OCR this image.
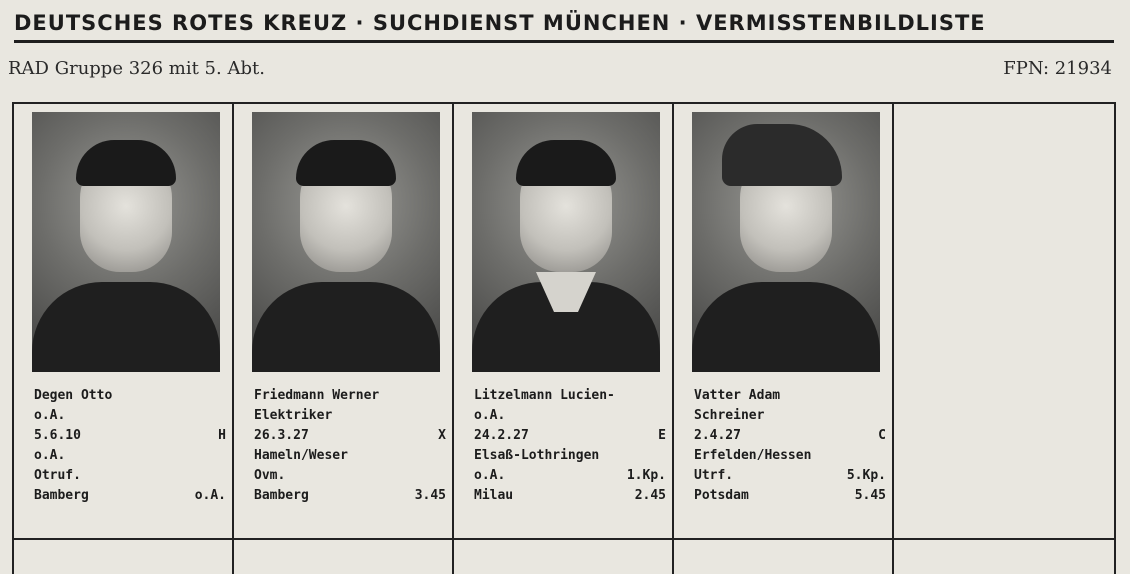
DEUTSCHES ROTES KREUZ · SUCHDIENST MÜNCHEN · VERMISSTENBILDLISTE
RAD Gruppe 326 mit 5. Abt.	FPN: 21934
Degen Otto
o.A.
5.6.10	H
o.A.
Otruf.
Bamberg	o.A.
Friedmann Werner
Elektriker
26.3.27	X
Hameln/Weser
Ovm.
Bamberg	3.45
Litzelmann Lucien-
o.A.
24.2.27	E
Elsaß-Lothringen
o.A.	1.Kp.
Milau	2.45
Vatter Adam
Schreiner
2.4.27	C
Erfelden/Hessen
Utrf.	5.Kp.
Potsdam	5.45
